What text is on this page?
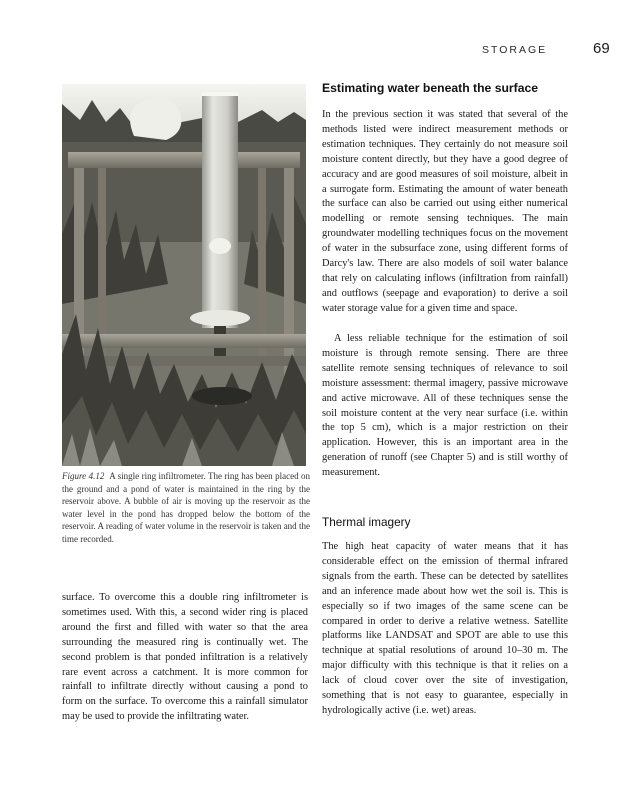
STORAGE	69
Figure 4.12 A single ring infiltrometer. The ring has been placed on the ground and a pond of water is maintained in the ring by the reservoir above. A bubble of air is moving up the reservoir as the water level in the pond has dropped below the bottom of the reservoir. A reading of water volume in the reservoir is taken and the time recorded.

surface. To overcome this a double ring infiltrometer is sometimes used. With this, a second wider ring is placed around the first and filled with water so that the area surrounding the measured ring is continually wet. The second problem is that ponded infiltration is a relatively rare event across a catchment. It is more common for rainfall to infiltrate directly without causing a pond to form on the surface. To overcome this a rainfall simulator may be used to provide the infiltrating water.

Estimating water beneath the surface

In the previous section it was stated that several of the methods listed were indirect measurement methods or estimation techniques. They certainly do not measure soil moisture content directly, but they have a good degree of accuracy and are good measures of soil moisture, albeit in a surrogate form. Estimating the amount of water beneath the surface can also be carried out using either numerical modelling or remote sensing techniques. The main groundwater modelling techniques focus on the movement of water in the subsurface zone, using different forms of Darcy's law. There are also models of soil water balance that rely on calculating inflows (infiltration from rainfall) and outflows (seepage and evaporation) to derive a soil water storage value for a given time and space.

A less reliable technique for the estimation of soil moisture is through remote sensing. There are three satellite remote sensing techniques of relevance to soil moisture assessment: thermal imagery, passive microwave and active microwave. All of these techniques sense the soil moisture content at the very near surface (i.e. within the top 5 cm), which is a major restriction on their application. However, this is an important area in the generation of runoff (see Chapter 5) and is still worthy of measurement.

Thermal imagery

The high heat capacity of water means that it has considerable effect on the emission of thermal infrared signals from the earth. These can be detected by satellites and an inference made about how wet the soil is. This is especially so if two images of the same scene can be compared in order to derive a relative wetness. Satellite platforms like LANDSAT and SPOT are able to use this technique at spatial resolutions of around 10–30 m. The major difficulty with this technique is that it relies on a lack of cloud cover over the site of investigation, something that is not easy to guarantee, especially in hydrologically active (i.e. wet) areas.
